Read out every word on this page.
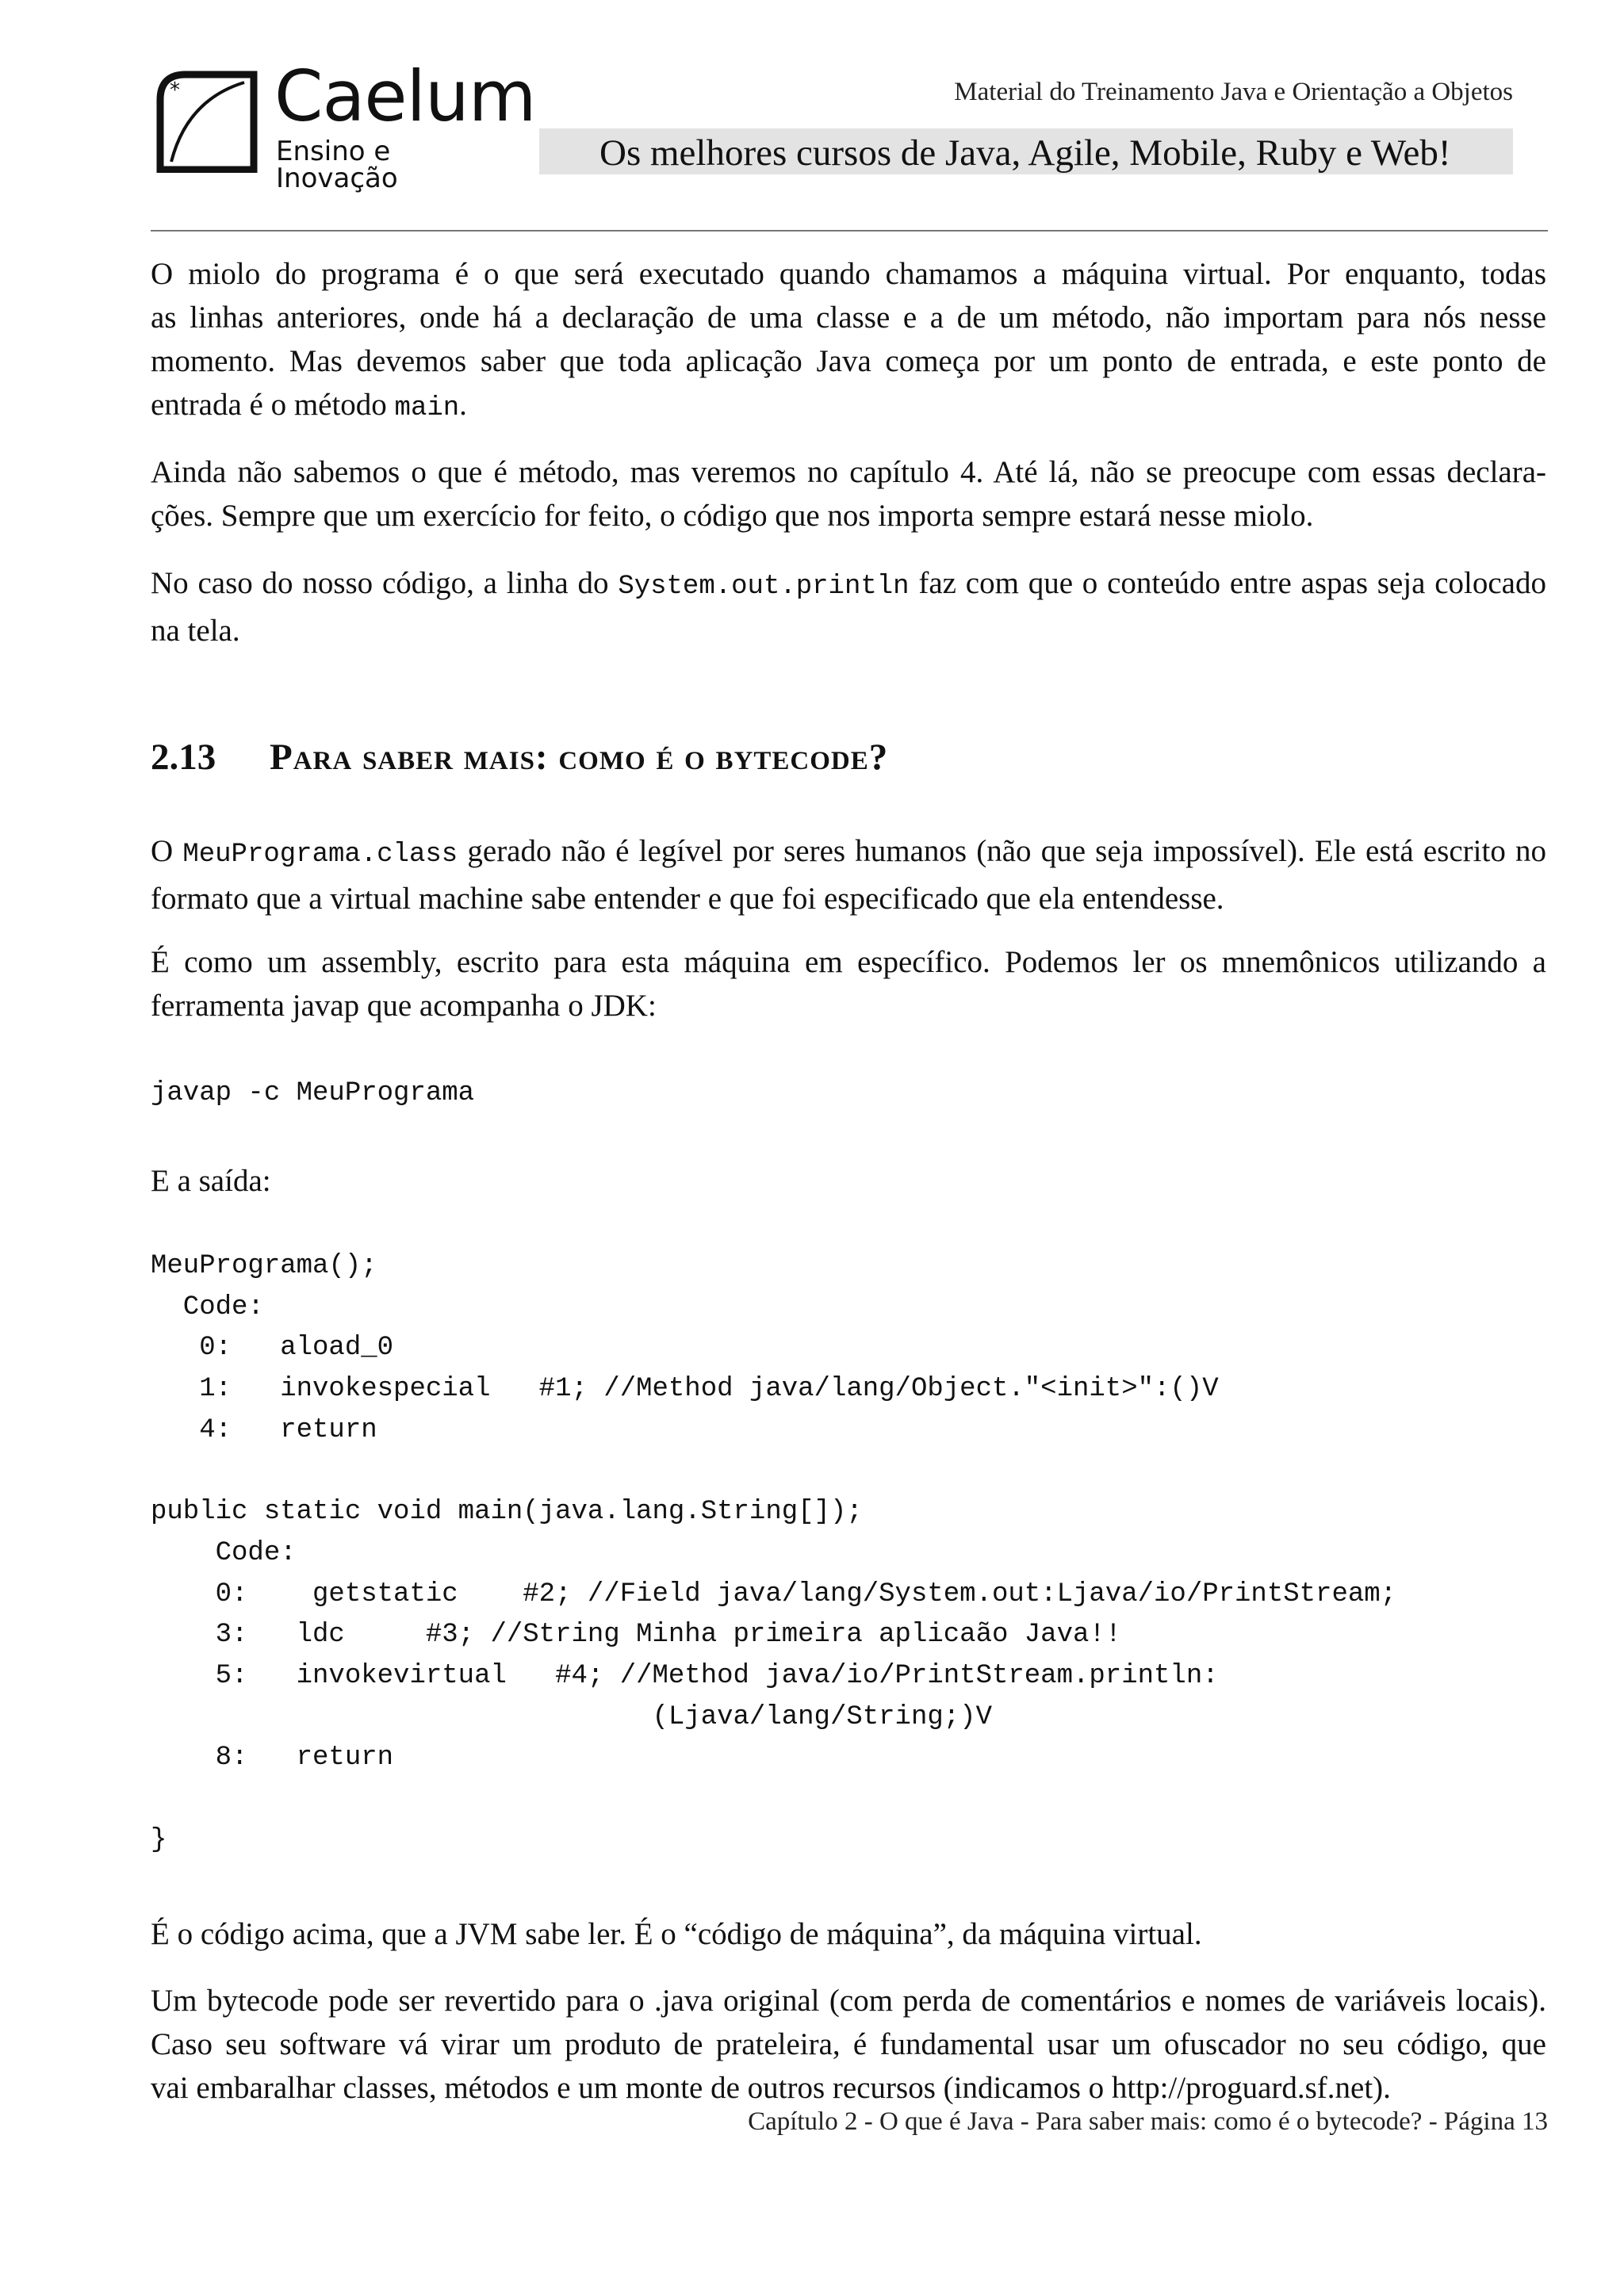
* Caelum
Ensino e Inovação
Material do Treinamento Java e Orientação a Objetos
Os melhores cursos de Java, Agile, Mobile, Ruby e Web!

O miolo do programa é o que será executado quando chamamos a máquina virtual. Por enquanto, todas
as linhas anteriores, onde há a declaração de uma classe e a de um método, não importam para nós nesse
momento. Mas devemos saber que toda aplicação Java começa por um ponto de entrada, e este ponto de
entrada é o método main.

Ainda não sabemos o que é método, mas veremos no capítulo 4. Até lá, não se preocupe com essas declara-
ções. Sempre que um exercício for feito, o código que nos importa sempre estará nesse miolo.

No caso do nosso código, a linha do System.out.println faz com que o conteúdo entre aspas seja colocado
na tela.

2.13 Para saber mais: como é o bytecode?

O MeuPrograma.class gerado não é legível por seres humanos (não que seja impossível). Ele está escrito no
formato que a virtual machine sabe entender e que foi especificado que ela entendesse.

É como um assembly, escrito para esta máquina em específico. Podemos ler os mnemônicos utilizando a
ferramenta javap que acompanha o JDK:

javap -c MeuPrograma

E a saída:

MeuPrograma();
Code:
0:   aload_0
1:   invokespecial   #1; //Method java/lang/Object."<init>":()V
4:   return

public static void main(java.lang.String[]);
Code:
0:    getstatic    #2; //Field java/lang/System.out:Ljava/io/PrintStream;
3:   ldc     #3; //String Minha primeira aplicaão Java!!
5:   invokevirtual   #4; //Method java/io/PrintStream.println:
(Ljava/lang/String;)V
8:   return

}

É o código acima, que a JVM sabe ler. É o “código de máquina”, da máquina virtual.

Um bytecode pode ser revertido para o .java original (com perda de comentários e nomes de variáveis locais).
Caso seu software vá virar um produto de prateleira, é fundamental usar um ofuscador no seu código, que
vai embaralhar classes, métodos e um monte de outros recursos (indicamos o http://proguard.sf.net).

Capítulo 2 - O que é Java - Para saber mais: como é o bytecode? - Página 13
